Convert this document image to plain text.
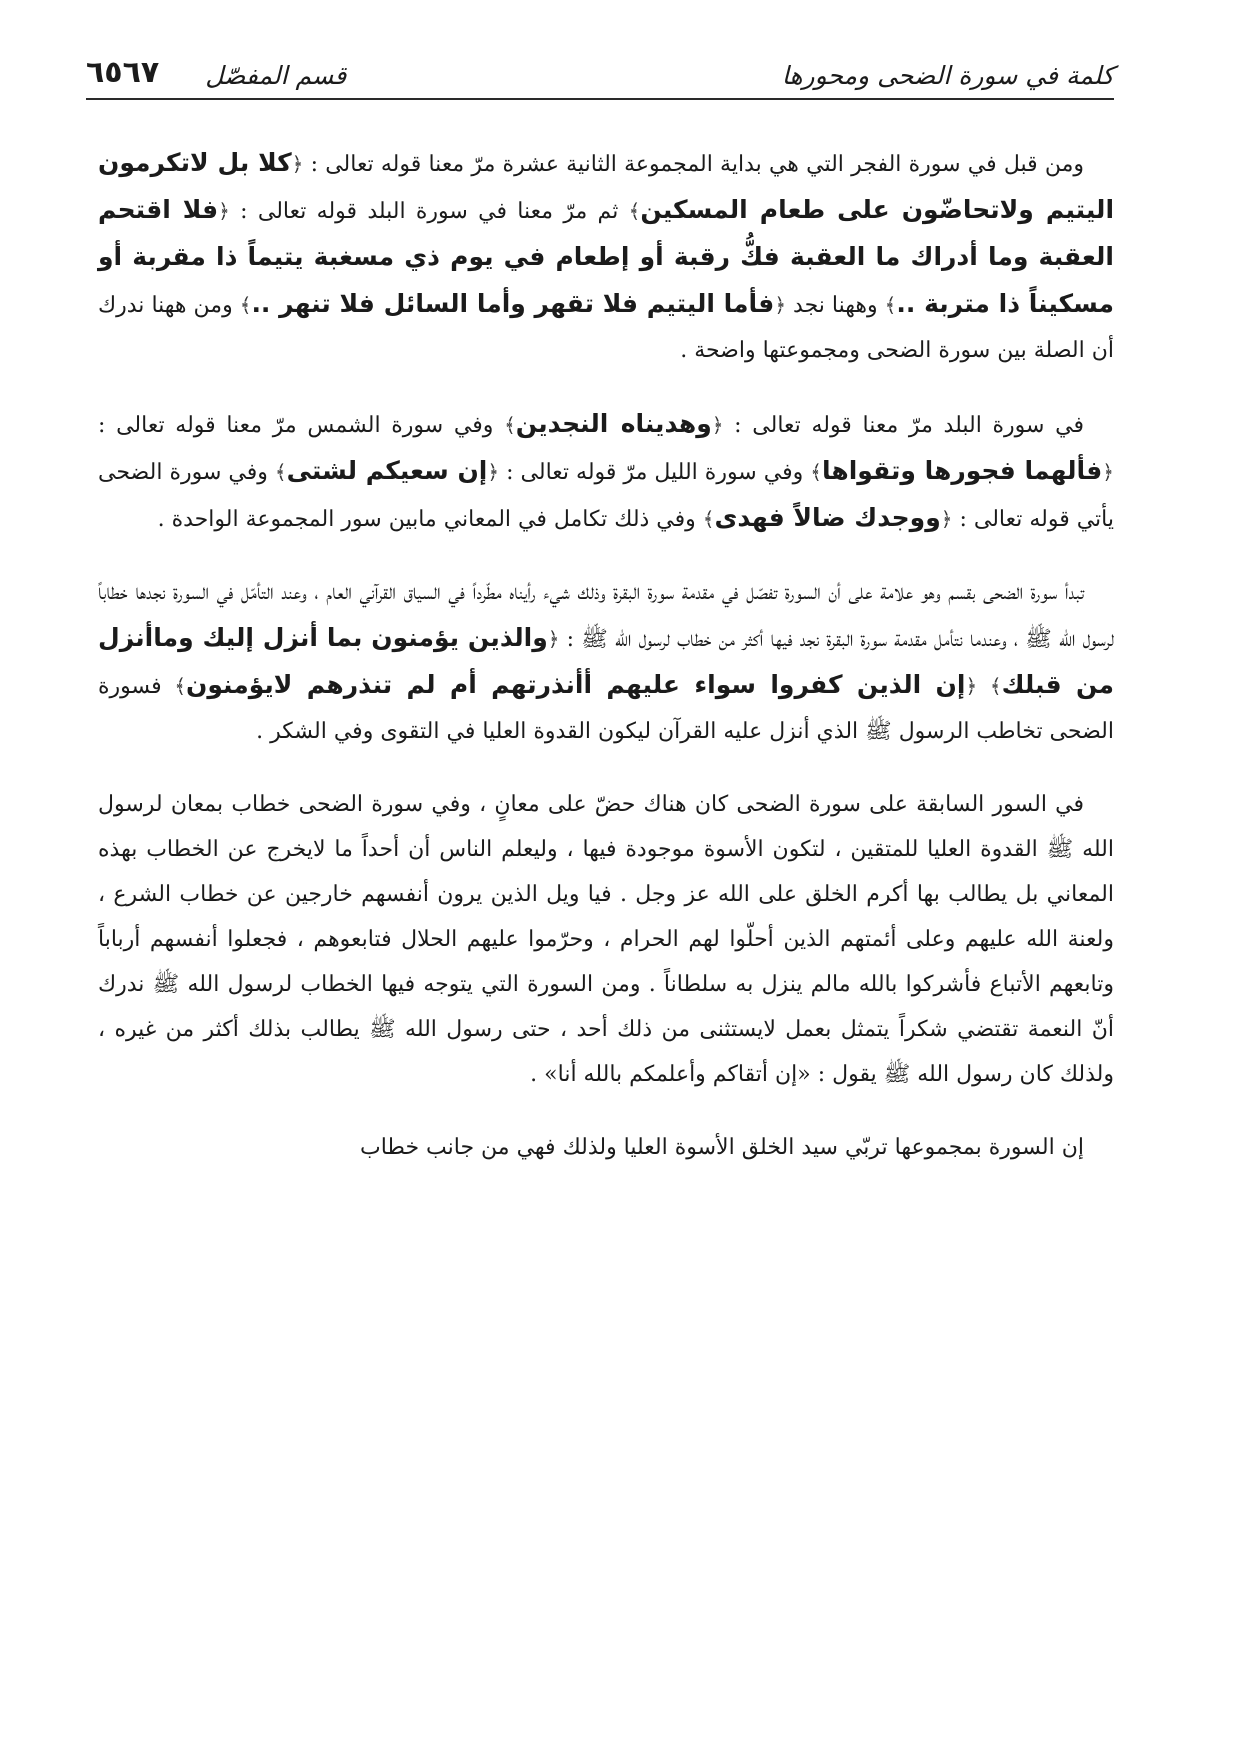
كلمة في سورة الضحى ومحورها
قسم المفصّل
٦٥٦٧

ومن قبل في سورة الفجر التي هي بداية المجموعة الثانية عشرة مرّ معنا قوله تعالى : ﴿كلا بل لاتكرمون اليتيم ولاتحاضّون على طعام المسكين﴾ ثم مرّ معنا في سورة البلد قوله تعالى : ﴿فلا اقتحم العقبة وما أدراك ما العقبة فكُّ رقبة أو إطعام في يوم ذي مسغبة يتيماً ذا مقربة أو مسكيناً ذا متربة ..﴾ وههنا نجد ﴿فأما اليتيم فلا تقهر وأما السائل فلا تنهر ..﴾ ومن ههنا ندرك أن الصلة بين سورة الضحى ومجموعتها واضحة .

في سورة البلد مرّ معنا قوله تعالى : ﴿وهديناه النجدين﴾ وفي سورة الشمس مرّ معنا قوله تعالى : ﴿فألهما فجورها وتقواها﴾ وفي سورة الليل مرّ قوله تعالى : ﴿إن سعيكم لشتى﴾ وفي سورة الضحى يأتي قوله تعالى : ﴿ووجدك ضالاً فهدى﴾ وفي ذلك تكامل في المعاني مابين سور المجموعة الواحدة .

تبدأ سورة الضحى بقسم وهو علامة على أن السورة تفصّل في مقدمة سورة البقرة وذلك شيء رأيناه مطّرداً في السياق القرآني العام ، وعند التأمّل في السورة نجدها خطاباً لرسول الله ﷺ ، وعندما نتأمل مقدمة سورة البقرة نجد فيها أكثر من خطاب لرسول الله ﷺ : ﴿والذين يؤمنون بما أنزل إليك وماأنزل من قبلك﴾ ﴿إن الذين كفروا سواء عليهم أأنذرتهم أم لم تنذرهم لايؤمنون﴾ فسورة الضحى تخاطب الرسول ﷺ الذي أنزل عليه القرآن ليكون القدوة العليا في التقوى وفي الشكر .

في السور السابقة على سورة الضحى كان هناك حضّ على معانٍ ، وفي سورة الضحى خطاب بمعان لرسول الله ﷺ القدوة العليا للمتقين ، لتكون الأسوة موجودة فيها ، وليعلم الناس أن أحداً ما لايخرج عن الخطاب بهذه المعاني بل يطالب بها أكرم الخلق على الله عز وجل . فيا ويل الذين يرون أنفسهم خارجين عن خطاب الشرع ، ولعنة الله عليهم وعلى أئمتهم الذين أحلّوا لهم الحرام ، وحرّموا عليهم الحلال فتابعوهم ، فجعلوا أنفسهم أرباباً وتابعهم الأتباع فأشركوا بالله مالم ينزل به سلطاناً . ومن السورة التي يتوجه فيها الخطاب لرسول الله ﷺ ندرك أنّ النعمة تقتضي شكراً يتمثل بعمل لايستثنى من ذلك أحد ، حتى رسول الله ﷺ يطالب بذلك أكثر من غيره ، ولذلك كان رسول الله ﷺ يقول : «إن أتقاكم وأعلمكم بالله أنا» .

إن السورة بمجموعها تربّي سيد الخلق الأسوة العليا ولذلك فهي من جانب خطاب
